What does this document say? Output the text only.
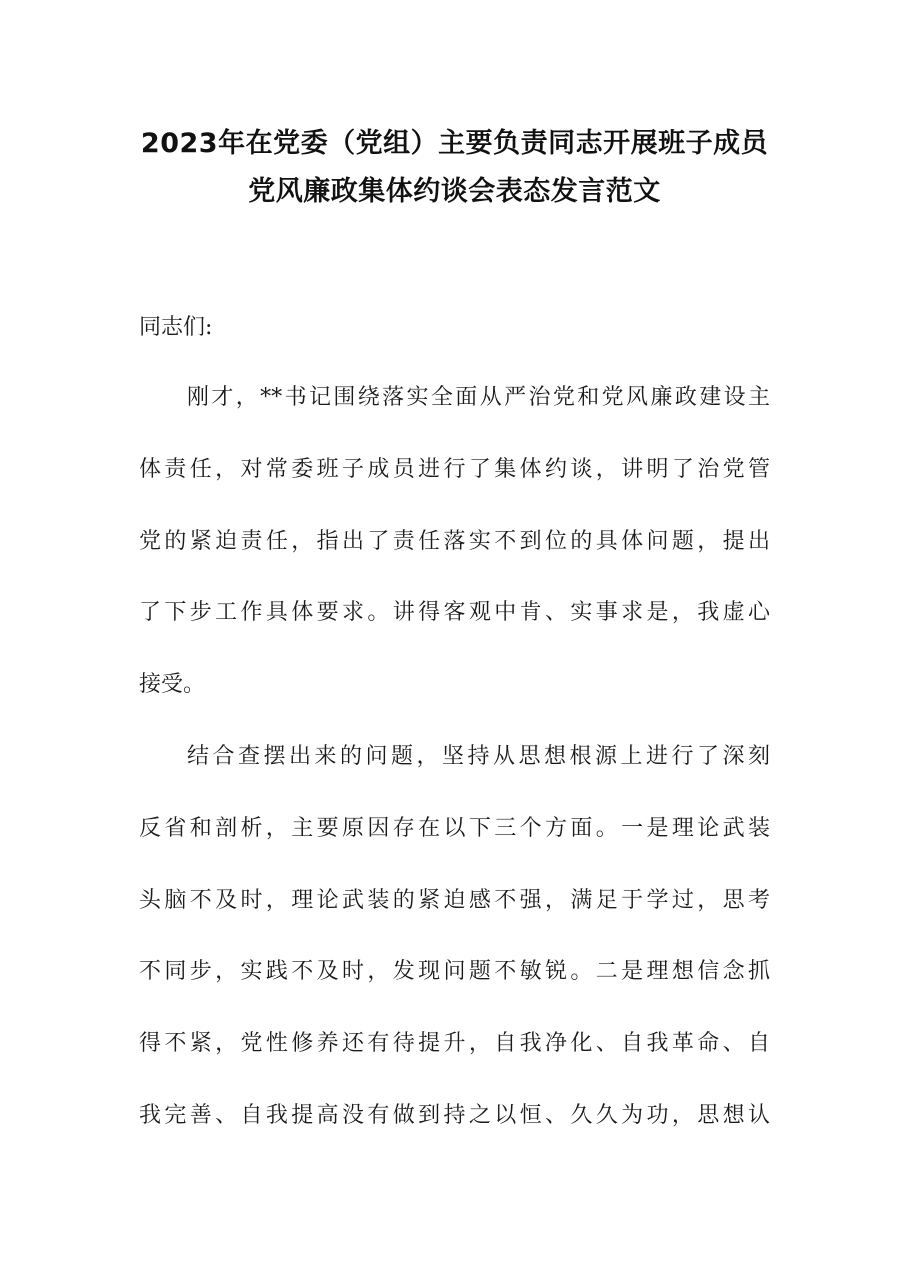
2023年在党委（党组）主要负责同志开展班子成员
党风廉政集体约谈会表态发言范文
同志们:
刚才，**书记围绕落实全面从严治党和党风廉政建设主
体责任，对常委班子成员进行了集体约谈，讲明了治党管
党的紧迫责任，指出了责任落实不到位的具体问题，提出
了下步工作具体要求。讲得客观中肯、实事求是，我虚心
接受。
结合查摆出来的问题，坚持从思想根源上进行了深刻
反省和剖析，主要原因存在以下三个方面。一是理论武装
头脑不及时，理论武装的紧迫感不强，满足于学过，思考
不同步，实践不及时，发现问题不敏锐。二是理想信念抓
得不紧，党性修养还有待提升，自我净化、自我革命、自
我完善、自我提高没有做到持之以恒、久久为功，思想认
